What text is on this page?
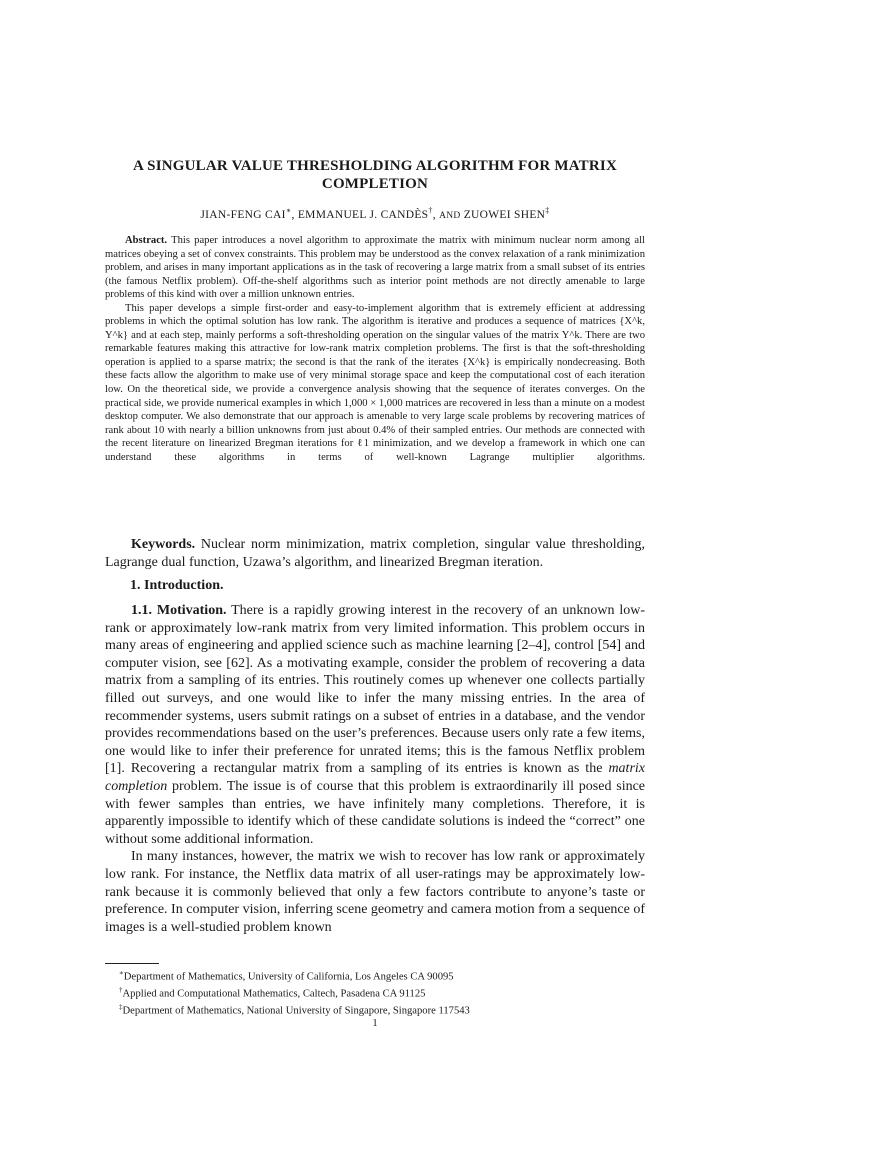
A SINGULAR VALUE THRESHOLDING ALGORITHM FOR MATRIX COMPLETION
JIAN-FENG CAI∗, EMMANUEL J. CANDÈS†, AND ZUOWEI SHEN‡

Abstract. This paper introduces a novel algorithm to approximate the matrix with minimum nuclear norm among all matrices obeying a set of convex constraints. This problem may be understood as the convex relaxation of a rank minimization problem, and arises in many important applications as in the task of recovering a large matrix from a small subset of its entries (the famous Netflix problem). Off-the-shelf algorithms such as interior point methods are not directly amenable to large problems of this kind with over a million unknown entries.

This paper develops a simple first-order and easy-to-implement algorithm that is extremely efficient at addressing problems in which the optimal solution has low rank. The algorithm is iterative and produces a sequence of matrices {X^k, Y^k} and at each step, mainly performs a soft-thresholding operation on the singular values of the matrix Y^k. There are two remarkable features making this attractive for low-rank matrix completion problems. The first is that the soft-thresholding operation is applied to a sparse matrix; the second is that the rank of the iterates {X^k} is empirically nondecreasing. Both these facts allow the algorithm to make use of very minimal storage space and keep the computational cost of each iteration low. On the theoretical side, we provide a convergence analysis showing that the sequence of iterates converges. On the practical side, we provide numerical examples in which 1,000 × 1,000 matrices are recovered in less than a minute on a modest desktop computer. We also demonstrate that our approach is amenable to very large scale problems by recovering matrices of rank about 10 with nearly a billion unknowns from just about 0.4% of their sampled entries. Our methods are connected with the recent literature on linearized Bregman iterations for ℓ1 minimization, and we develop a framework in which one can understand these algorithms in terms of well-known Lagrange multiplier algorithms.

Keywords. Nuclear norm minimization, matrix completion, singular value thresholding, Lagrange dual function, Uzawa’s algorithm, and linearized Bregman iteration.

1. Introduction.

1.1. Motivation. There is a rapidly growing interest in the recovery of an unknown low-rank or approximately low-rank matrix from very limited information. This problem occurs in many areas of engineering and applied science such as machine learning [2–4], control [54] and computer vision, see [62]. As a motivating example, consider the problem of recovering a data matrix from a sampling of its entries. This routinely comes up whenever one collects partially filled out surveys, and one would like to infer the many missing entries. In the area of recommender systems, users submit ratings on a subset of entries in a database, and the vendor provides recommendations based on the user’s preferences. Because users only rate a few items, one would like to infer their preference for unrated items; this is the famous Netflix problem [1]. Recovering a rectangular matrix from a sampling of its entries is known as the matrix completion problem. The issue is of course that this problem is extraordinarily ill posed since with fewer samples than entries, we have infinitely many completions. Therefore, it is apparently impossible to identify which of these candidate solutions is indeed the “correct” one without some additional information.

In many instances, however, the matrix we wish to recover has low rank or approximately low rank. For instance, the Netflix data matrix of all user-ratings may be approximately low-rank because it is commonly believed that only a few factors contribute to anyone’s taste or preference. In computer vision, inferring scene geometry and camera motion from a sequence of images is a well-studied problem known

∗Department of Mathematics, University of California, Los Angeles CA 90095
†Applied and Computational Mathematics, Caltech, Pasadena CA 91125
‡Department of Mathematics, National University of Singapore, Singapore 117543
1
